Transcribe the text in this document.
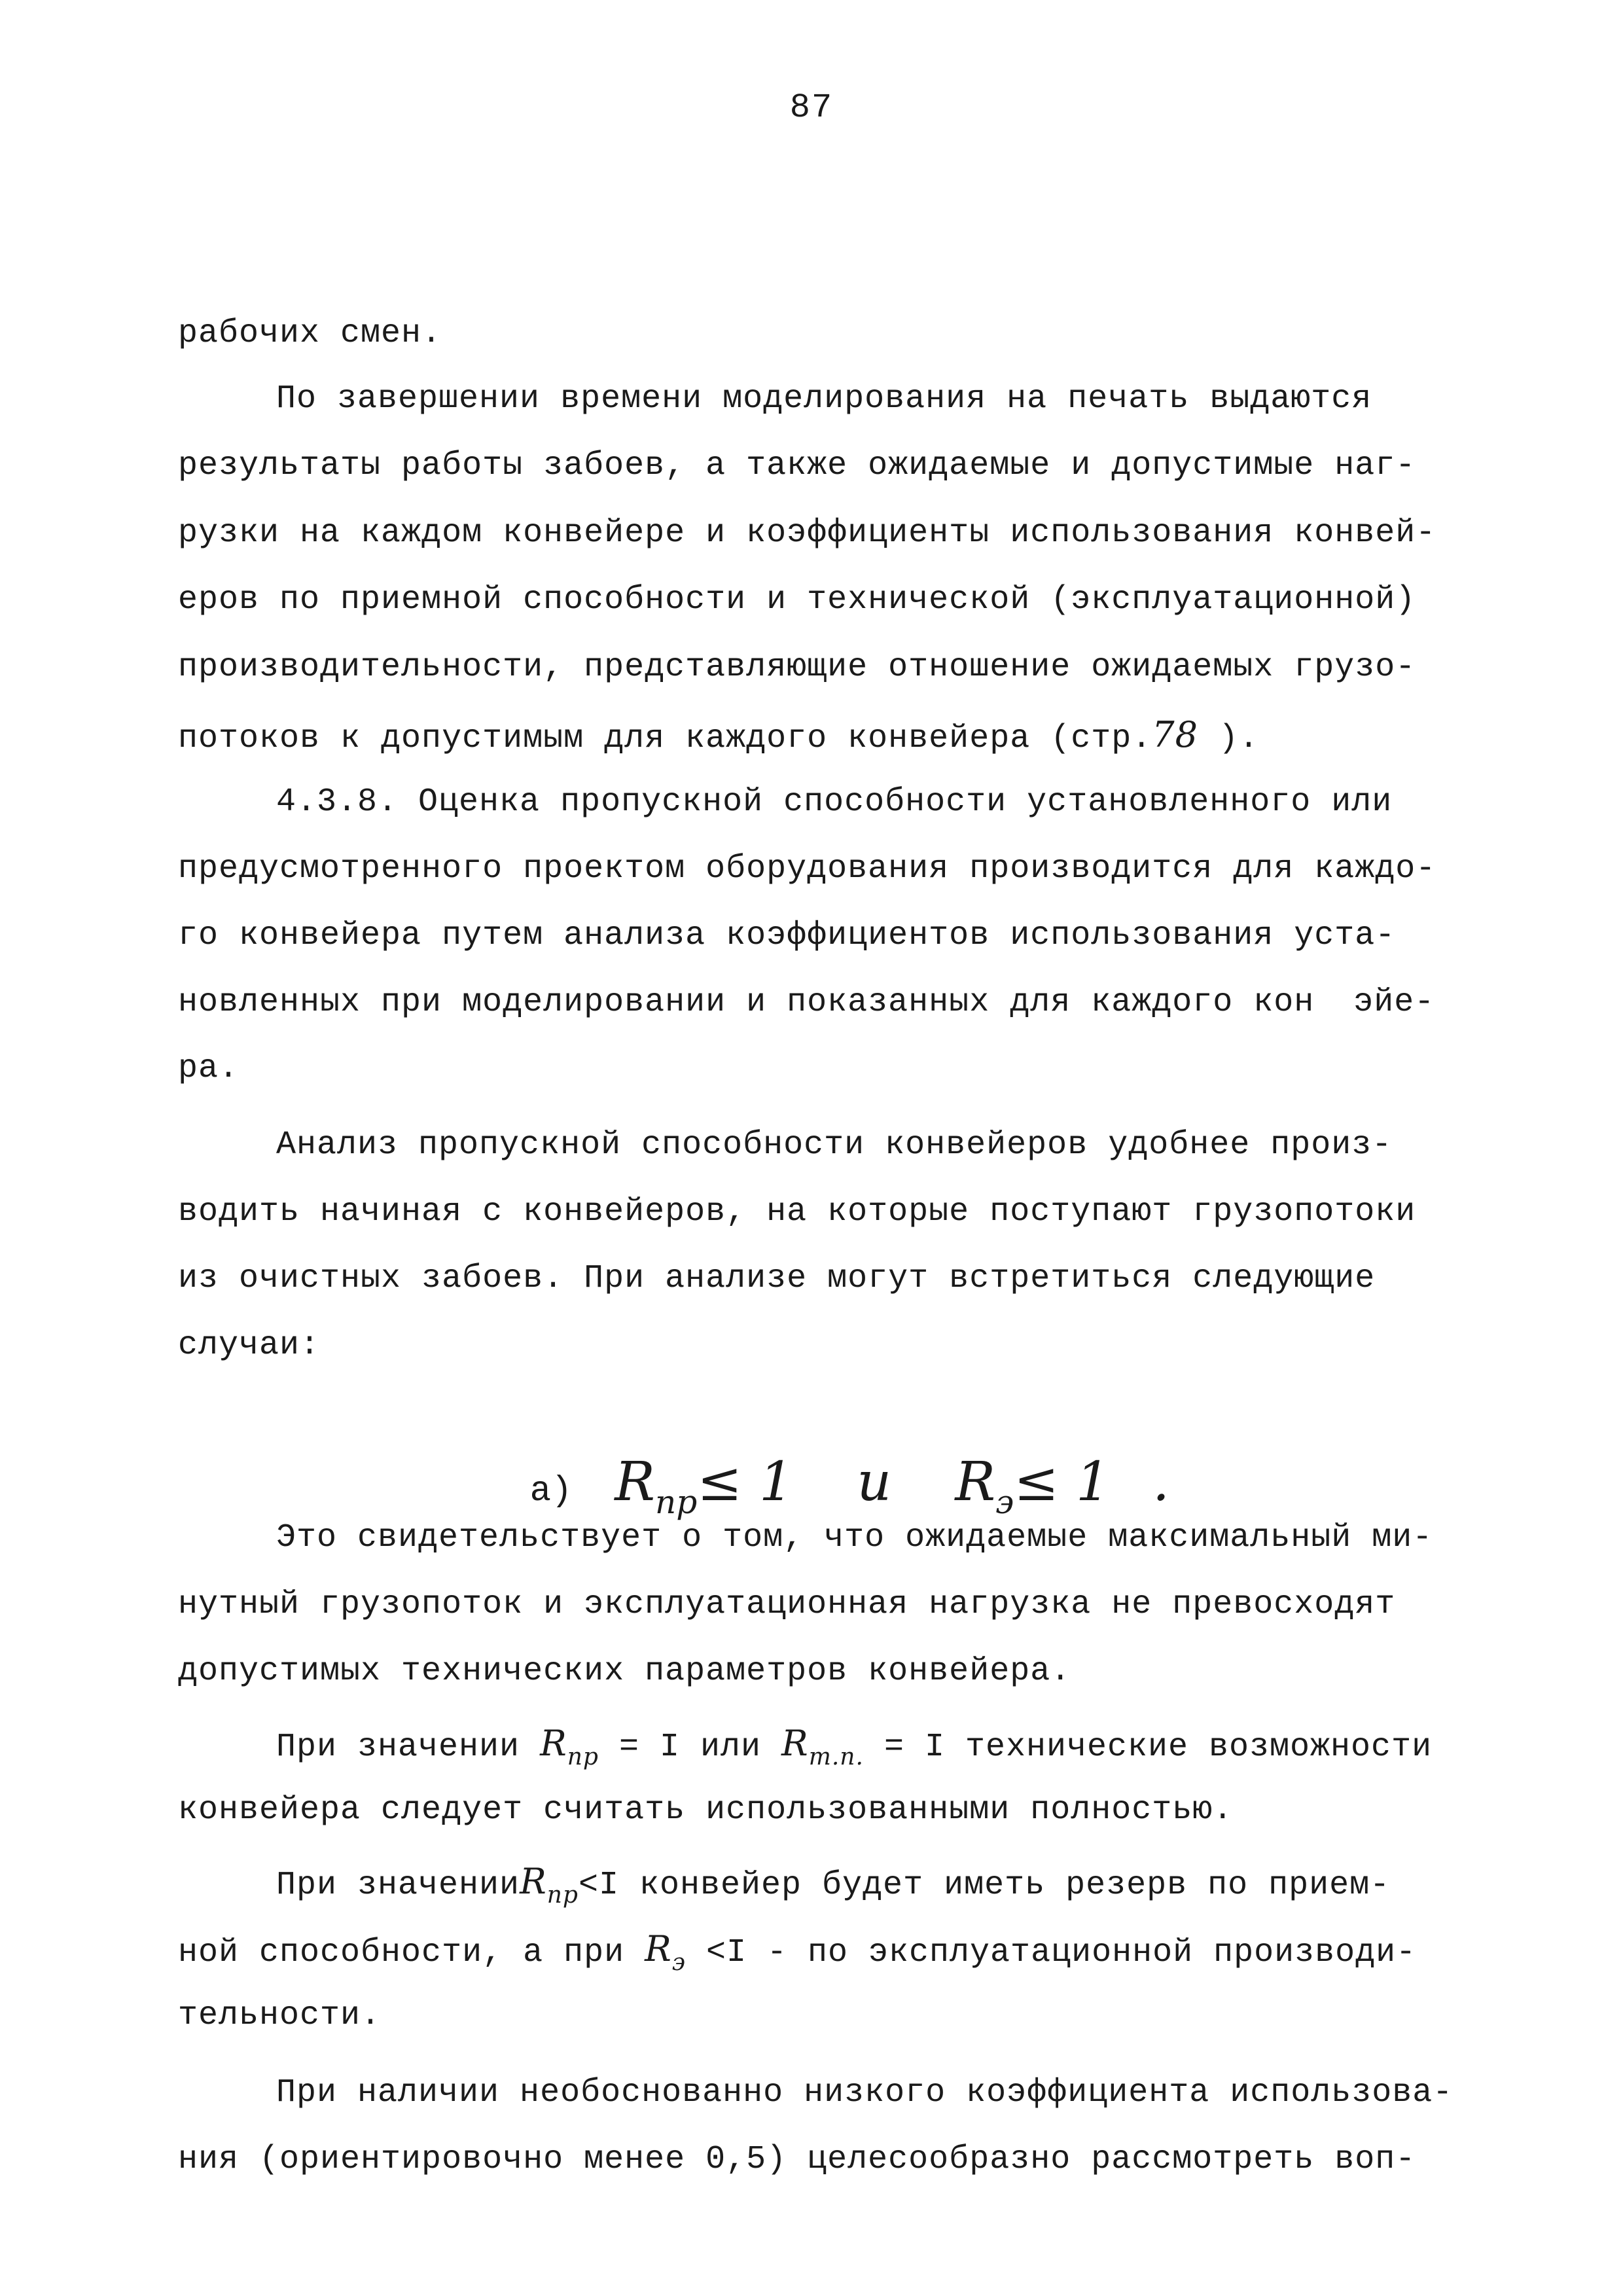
87
рабочих смен.
По завершении времени моделирования на печать выдаются
результаты работы забоев, а также ожидаемые и допустимые наг-
рузки на каждом конвейере и коэффициенты использования конвей-
еров по приемной способности и технической (эксплуатационной)
производительности, представляющие отношение ожидаемых грузо-
потоков к допустимым для каждого конвейера (стр.78 ).
4.3.8. Оценка пропускной способности установленного или
предусмотренного проектом оборудования производится для каждо-
го конвейера путем анализа коэффициентов использования уста-
новленных при моделировании и показанных для каждого кон эйе-
ра.
Анализ пропускной способности конвейеров удобнее произ-
водить начиная с конвейеров, на которые поступают грузопотоки
из очистных забоев. При анализе могут встретиться следующие
случаи:

а) $R_{пр}\le 1$ и $R_э\le 1$ .

Это свидетельствует о том, что ожидаемые максимальный ми-
нутный грузопоток и эксплуатационная нагрузка не превосходят
допустимых технических параметров конвейера.
При значении $R_{пр} = I$ или $R_{т.п.} = I$ технические возможности
конвейера следует считать использованными полностью.
При значенииR$_{пр}$<I конвейер будет иметь резерв по прием-
ной способности, а при $R_э <I$ - по эксплуатационной производи-
тельности.
При наличии необоснованно низкого коэффициента использова-
ния (ориентировочно менее 0,5) целесообразно рассмотреть воп-
